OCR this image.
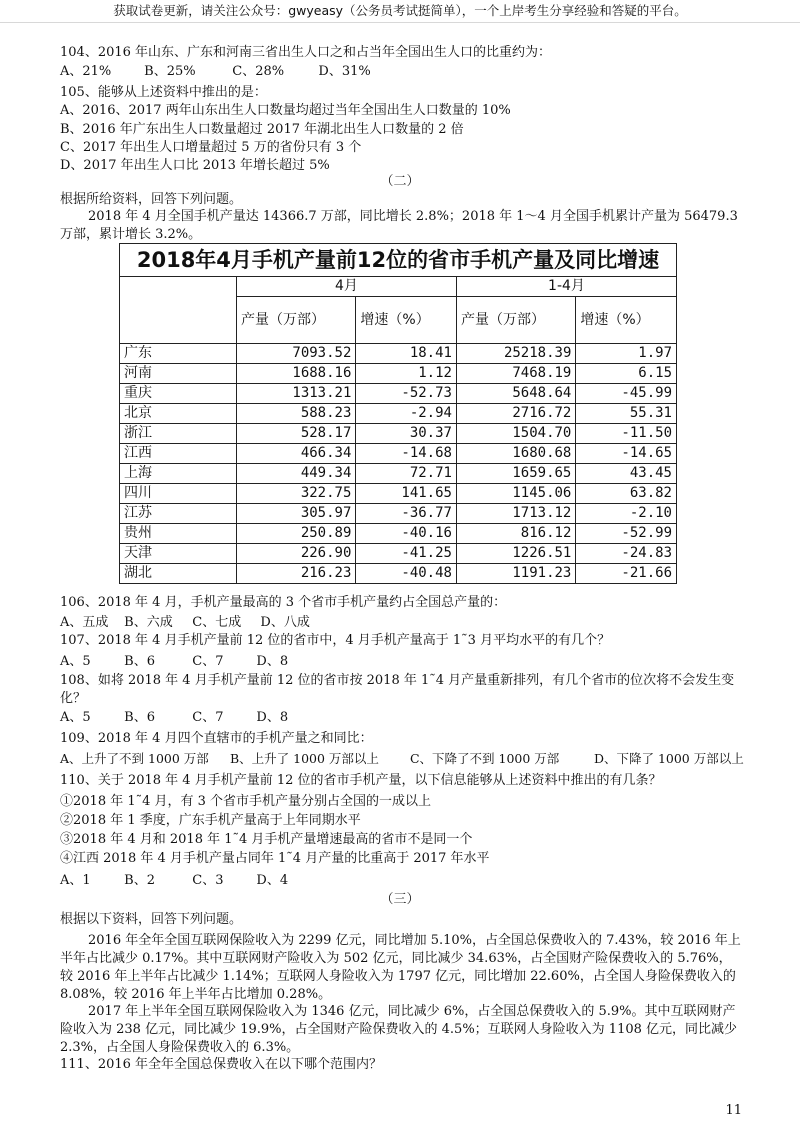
获取试卷更新，请关注公众号：gwyeasy（公务员考试挺简单），一个上岸考生分享经验和答疑的平台。
104、2016 年山东、广东和河南三省出生人口之和占当年全国出生人口的比重约为：
A、21%	B、25%	C、28%	D、31%
105、能够从上述资料中推出的是：
A、2016、2017 两年山东出生人口数量均超过当年全国出生人口数量的 10%
B、2016 年广东出生人口数量超过 2017 年湖北出生人口数量的 2 倍
C、2017 年出生人口增量超过 5 万的省份只有 3 个
D、2017 年出生人口比 2013 年增长超过 5%
（二）
根据所给资料，回答下列问题。
2018 年 4 月全国手机产量达 14366.7 万部，同比增长 2.8%；2018 年 1～4 月全国手机累计产量为 56479.3 万部，累计增长 3.2%。
2018年4月手机产量前12位的省市手机产量及同比增速				
	4月		1-4月	
	产量（万部）	增速（%）	产量（万部）	增速（%）
广东	7093.52	18.41	25218.39	1.97
河南	1688.16	1.12	7468.19	6.15
重庆	1313.21	-52.73	5648.64	-45.99
北京	588.23	-2.94	2716.72	55.31
浙江	528.17	30.37	1504.70	-11.50
江西	466.34	-14.68	1680.68	-14.65
上海	449.34	72.71	1659.65	43.45
四川	322.75	141.65	1145.06	63.82
江苏	305.97	-36.77	1713.12	-2.10
贵州	250.89	-40.16	816.12	-52.99
天津	226.90	-41.25	1226.51	-24.83
湖北	216.23	-40.48	1191.23	-21.66
106、2018 年 4 月，手机产量最高的 3 个省市手机产量约占全国总产量的：
A、五成 B、六成 C、七成 D、八成
107、2018 年 4 月手机产量前 12 位的省市中，4 月手机产量高于 1˜3 月平均水平的有几个？
A、5	B、6	C、7	D、8
108、如将 2018 年 4 月手机产量前 12 位的省市按 2018 年 1˜4 月产量重新排列，有几个省市的位次将不会发生变
化？
A、5	B、6	C、7	D、8
109、2018 年 4 月四个直辖市的手机产量之和同比：
A、上升了不到 1000 万部 B、上升了 1000 万部以上 C、下降了不到 1000 万部	D、下降了 1000 万部以上
110、关于 2018 年 4 月手机产量前 12 位的省市手机产量，以下信息能够从上述资料中推出的有几条？
①2018 年 1˜4 月，有 3 个省市手机产量分别占全国的一成以上
②2018 年 1 季度，广东手机产量高于上年同期水平
③2018 年 4 月和 2018 年 1˜4 月手机产量增速最高的省市不是同一个
④江西 2018 年 4 月手机产量占同年 1˜4 月产量的比重高于 2017 年水平
A、1	B、2	C、3	D、4
（三）
根据以下资料，回答下列问题。
2016 年全年全国互联网保险收入为 2299 亿元，同比增加 5.10%，占全国总保费收入的 7.43%，较 2016 年上半年占比减少 0.17%。其中互联网财产险收入为 502 亿元，同比减少 34.63%，占全国财产险保费收入的 5.76%，较 2016 年上半年占比减少 1.14%；互联网人身险收入为 1797 亿元，同比增加 22.60%，占全国人身险保费收入的 8.08%，较 2016 年上半年占比增加 0.28%。
2017 年上半年全国互联网保险收入为 1346 亿元，同比减少 6%，占全国总保费收入的 5.9%。其中互联网财产险收入为 238 亿元，同比减少 19.9%，占全国财产险保费收入的 4.5%；互联网人身险收入为 1108 亿元，同比减少 2.3%，占全国人身险保费收入的 6.3%。
111、2016 年全年全国总保费收入在以下哪个范围内？
11
